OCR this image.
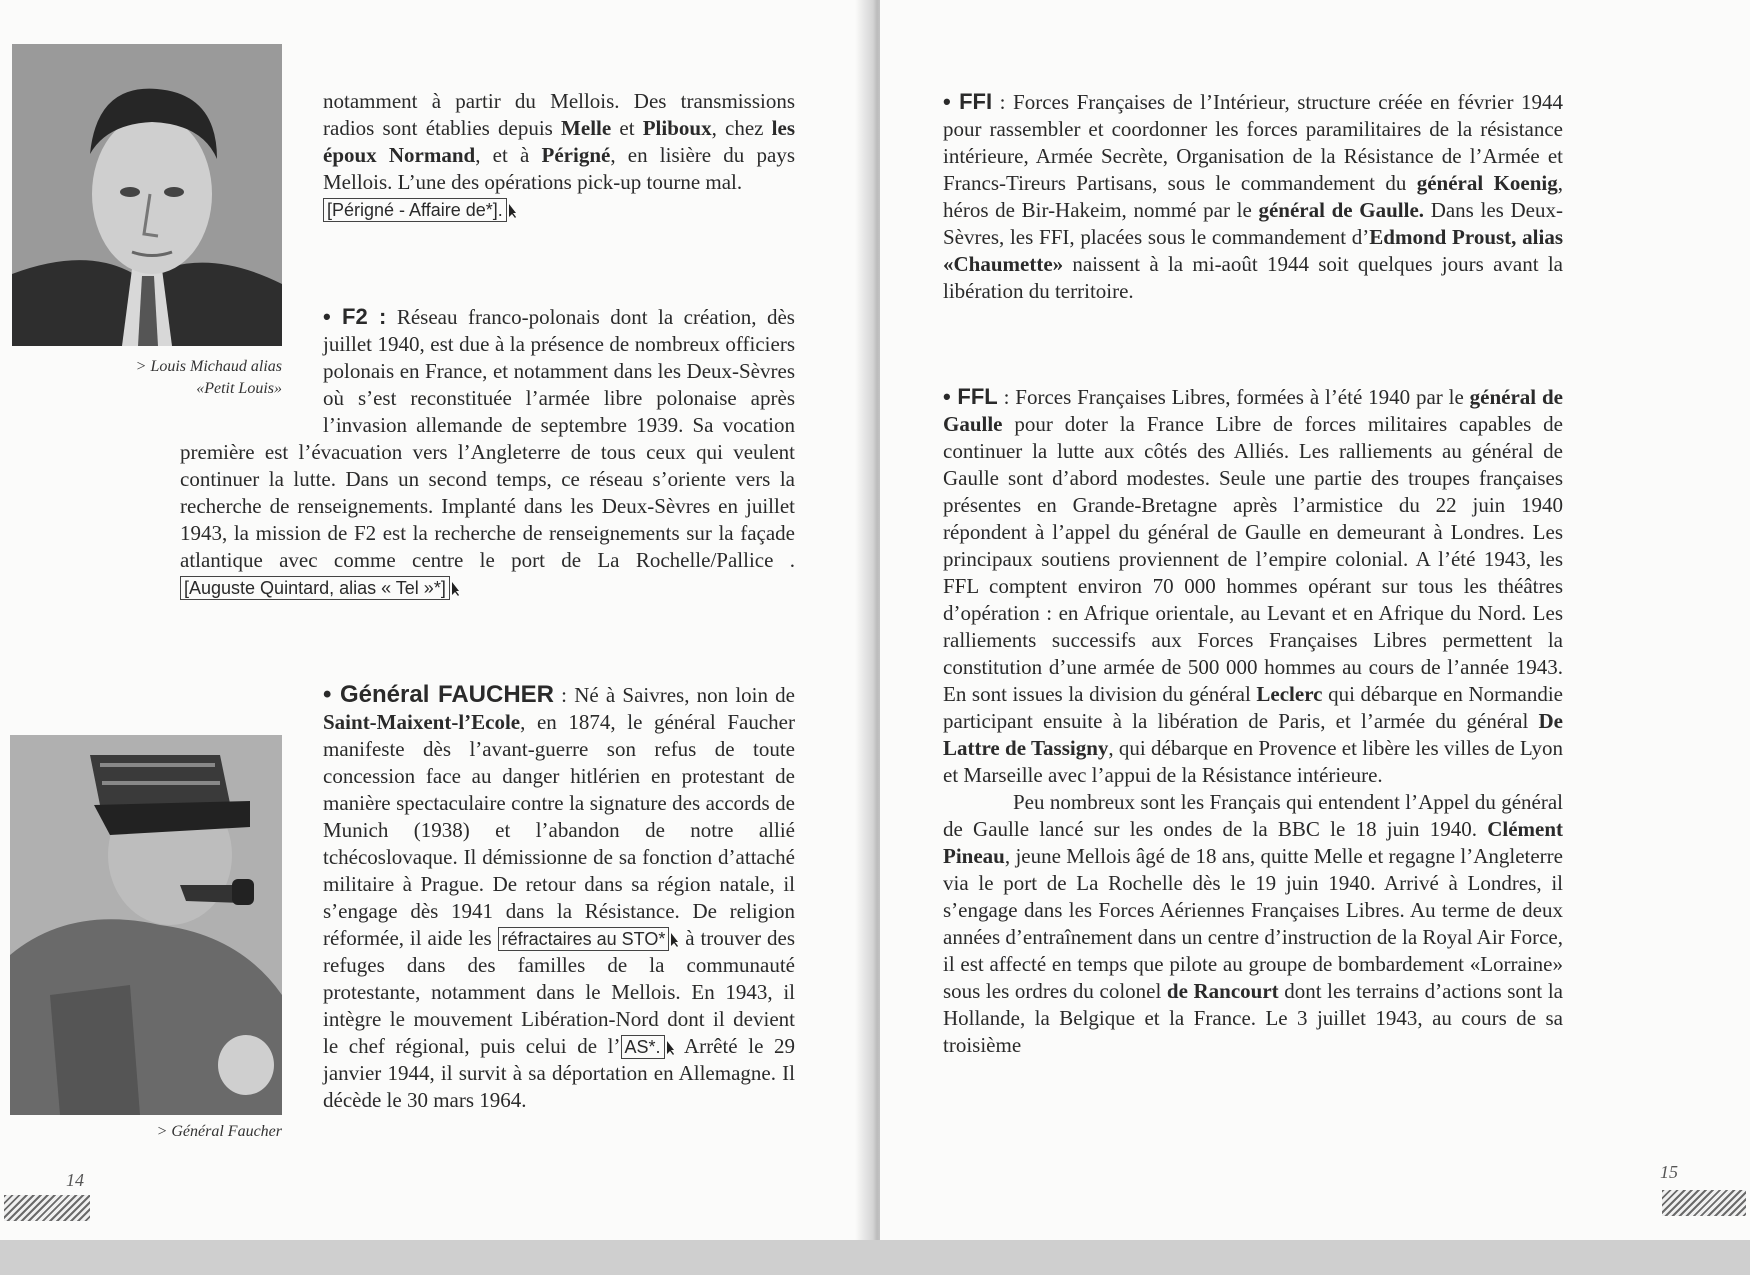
> Louis Michaud alias
«Petit Louis»
> Général Faucher

notamment à partir du Mellois. Des transmissions radios sont établies depuis Melle et Pliboux, chez les époux Normand, et à Périgné, en lisière du pays Mellois. L’une des opérations pick-up tourne mal.
[Périgné - Affaire de*].

• F2 : Réseau franco-polonais dont la création, dès juillet 1940, est due à la présence de nombreux officiers polonais en France, et notamment dans les Deux-Sèvres où s’est reconstituée l’armée libre polonaise après l’invasion allemande de septembre 1939. Sa vocation première est l’évacuation vers l’Angleterre de tous ceux qui veulent continuer la lutte. Dans un second temps, ce réseau s’oriente vers la recherche de renseignements. Implanté dans les Deux-Sèvres en juillet 1943, la mission de F2 est la recherche de renseignements sur la façade atlantique avec comme centre le port de La Rochelle/Pallice . [Auguste Quintard, alias « Tel »*]

• Général FAUCHER : Né à Saivres, non loin de Saint-Maixent-l’Ecole, en 1874, le général Faucher manifeste dès l’avant-guerre son refus de toute concession face au danger hitlérien en protestant de manière spectaculaire contre la signature des accords de Munich (1938) et l’abandon de notre allié tchécoslovaque. Il démissionne de sa fonction d’attaché militaire à Prague. De retour dans sa région natale, il s’engage dès 1941 dans la Résistance. De religion réformée, il aide les réfractaires au STO* à trouver des refuges dans des familles de la communauté protestante, notamment dans le Mellois. En 1943, il intègre le mouvement Libération-Nord dont il devient le chef régional, puis celui de l’ AS*. Arrêté le 29 janvier 1944, il survit à sa déportation en Allemagne. Il décède le 30 mars 1964.

14

• FFI : Forces Françaises de l’Intérieur, structure créée en février 1944 pour rassembler et coordonner les forces paramilitaires de la résistance intérieure, Armée Secrète, Organisation de la Résistance de l’Armée et Francs-Tireurs Partisans, sous le commandement du général Koenig, héros de Bir-Hakeim, nommé par le général de Gaulle. Dans les Deux-Sèvres, les FFI, placées sous le commandement d’Edmond Proust, alias «Chaumette» naissent à la mi-août 1944 soit quelques jours avant la libération du territoire.

• FFL : Forces Françaises Libres, formées à l’été 1940 par le général de Gaulle pour doter la France Libre de forces militaires capables de continuer la lutte aux côtés des Alliés. Les ralliements au général de Gaulle sont d’abord modestes. Seule une partie des troupes françaises présentes en Grande-Bretagne après l’armistice du 22 juin 1940 répondent à l’appel du général de Gaulle en demeurant à Londres. Les principaux soutiens proviennent de l’empire colonial. A l’été 1943, les FFL comptent environ 70 000 hommes opérant sur tous les théâtres d’opération : en Afrique orientale, au Levant et en Afrique du Nord. Les ralliements successifs aux Forces Françaises Libres permettent la constitution d’une armée de 500 000 hommes au cours de l’année 1943. En sont issues la division du général Leclerc qui débarque en Normandie participant ensuite à la libération de Paris, et l’armée du général De Lattre de Tassigny, qui débarque en Provence et libère les villes de Lyon et Marseille avec l’appui de la Résistance intérieure.

Peu nombreux sont les Français qui entendent l’Appel du général de Gaulle lancé sur les ondes de la BBC le 18 juin 1940. Clément Pineau, jeune Mellois âgé de 18 ans, quitte Melle et regagne l’Angleterre via le port de La Rochelle dès le 19 juin 1940. Arrivé à Londres, il s’engage dans les Forces Aériennes Françaises Libres. Au terme de deux années d’entraînement dans un centre d’instruction de la Royal Air Force, il est affecté en temps que pilote au groupe de bombardement «Lorraine» sous les ordres du colonel de Rancourt dont les terrains d’actions sont la Hollande, la Belgique et la France. Le 3 juillet 1943, au cours de sa troisième

15
